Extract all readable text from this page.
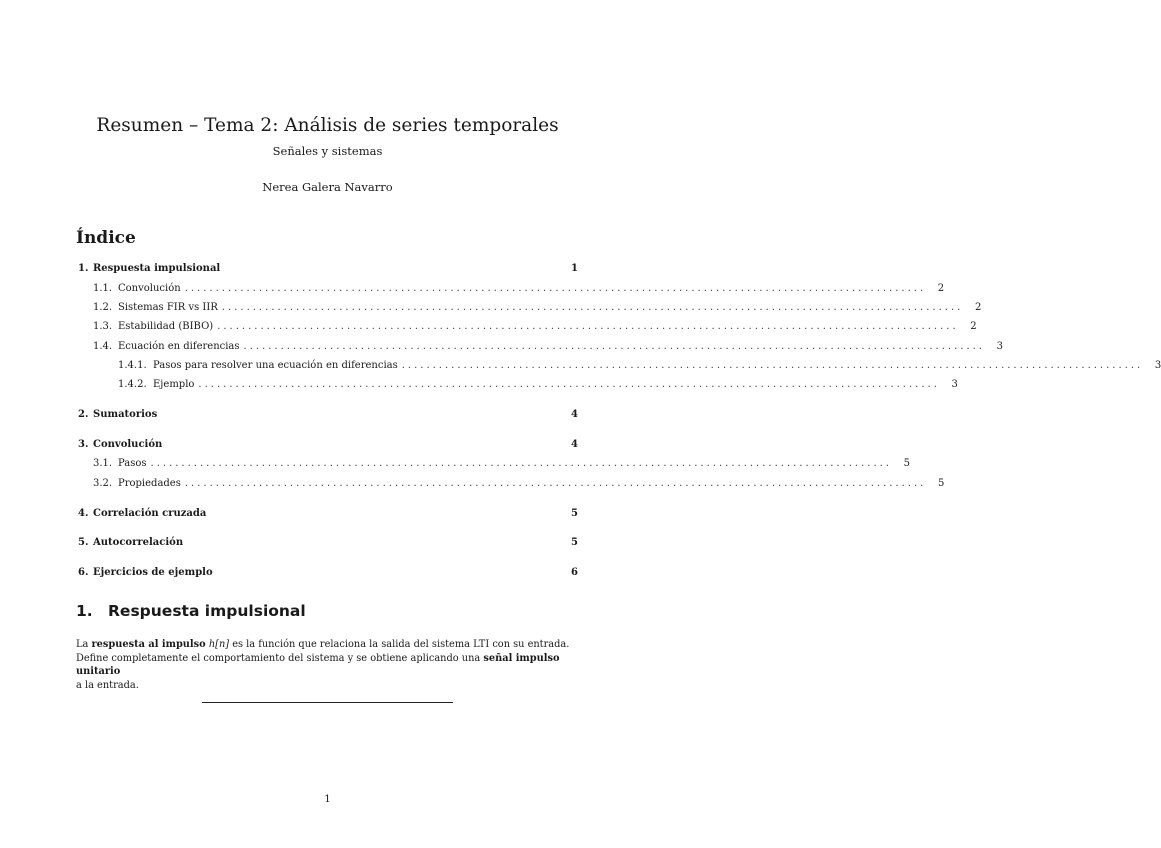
Resumen – Tema 2: Análisis de series temporales
Señales y sistemas
Nerea Galera Navarro
Índice
1. Respuesta impulsional	1
1.1. Convolución ........................................................................................................................	2
1.2. Sistemas FIR vs IIR ........................................................................................................................	2
1.3. Estabilidad (BIBO) ........................................................................................................................	2
1.4. Ecuación en diferencias ........................................................................................................................	3
1.4.1. Pasos para resolver una ecuación en diferencias ........................................................................................................................	3
1.4.2. Ejemplo ........................................................................................................................	3
2. Sumatorios	4
3. Convolución	4
3.1. Pasos ........................................................................................................................	5
3.2. Propiedades ........................................................................................................................	5
4. Correlación cruzada	5
5. Autocorrelación	5
6. Ejercicios de ejemplo	6
1. Respuesta impulsional
La respuesta al impulso h[n] es la función que relaciona la salida del sistema LTI con su entrada.
Define completamente el comportamiento del sistema y se obtiene aplicando una señal impulso unitario
a la entrada.
1
